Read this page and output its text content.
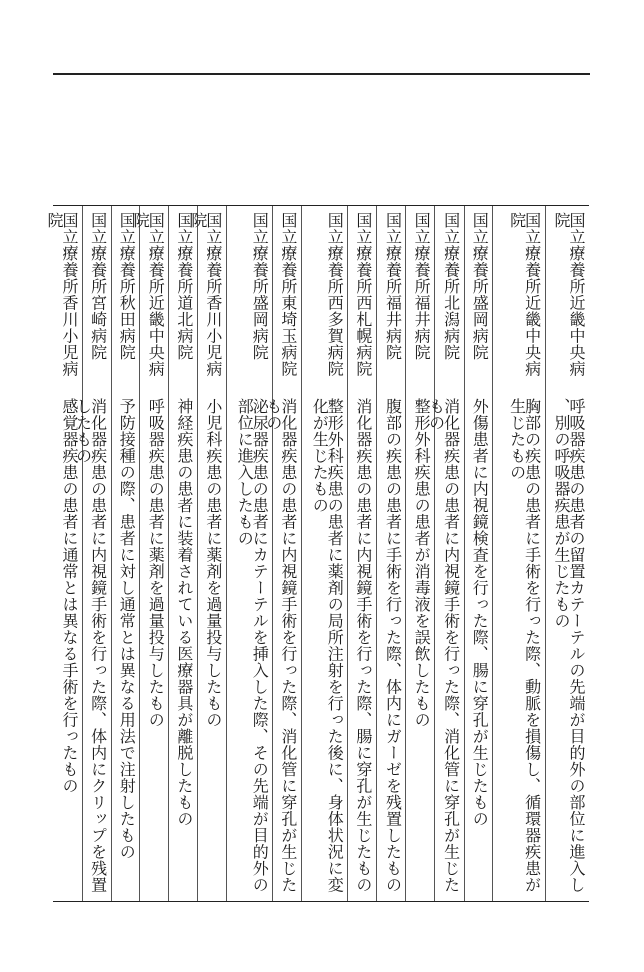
国立療養所近畿中央病院
呼吸器疾患の患者の留置カテーテルの先端が目的外の部位に進入し、別の呼吸器疾患が生じたもの
国立療養所近畿中央病院
胸部の疾患の患者に手術を行った際、動脈を損傷し、循環器疾患が生じたもの
国立療養所盛岡病院
外傷患者に内視鏡検査を行った際、腸に穿孔が生じたもの
国立療養所北潟病院
消化器疾患の患者に内視鏡手術を行った際、消化管に穿孔が生じたもの
国立療養所福井病院
整形外科疾患の患者が消毒液を誤飲したもの
国立療養所福井病院
腹部の疾患の患者に手術を行った際、体内にガーゼを残置したもの
国立療養所西札幌病院
消化器疾患の患者に内視鏡手術を行った際、腸に穿孔が生じたもの
国立療養所西多賀病院
整形外科疾患の患者に薬剤の局所注射を行った後に、身体状況に変化が生じたもの
国立療養所東埼玉病院
消化器疾患の患者に内視鏡手術を行った際、消化管に穿孔が生じたもの
国立療養所盛岡病院
泌尿器疾患の患者にカテーテルを挿入した際、その先端が目的外の部位に進入したもの
国立療養所香川小児病院
小児科疾患の患者に薬剤を過量投与したもの
国立療養所道北病院
神経疾患の患者に装着されている医療器具が離脱したもの
国立療養所近畿中央病院
呼吸器疾患の患者に薬剤を過量投与したもの
国立療養所秋田病院
予防接種の際、患者に対し通常とは異なる用法で注射したもの
国立療養所宮崎病院
消化器疾患の患者に内視鏡手術を行った際、体内にクリップを残置したもの
国立療養所香川小児病院
感覚器疾患の患者に通常とは異なる手術を行ったもの
